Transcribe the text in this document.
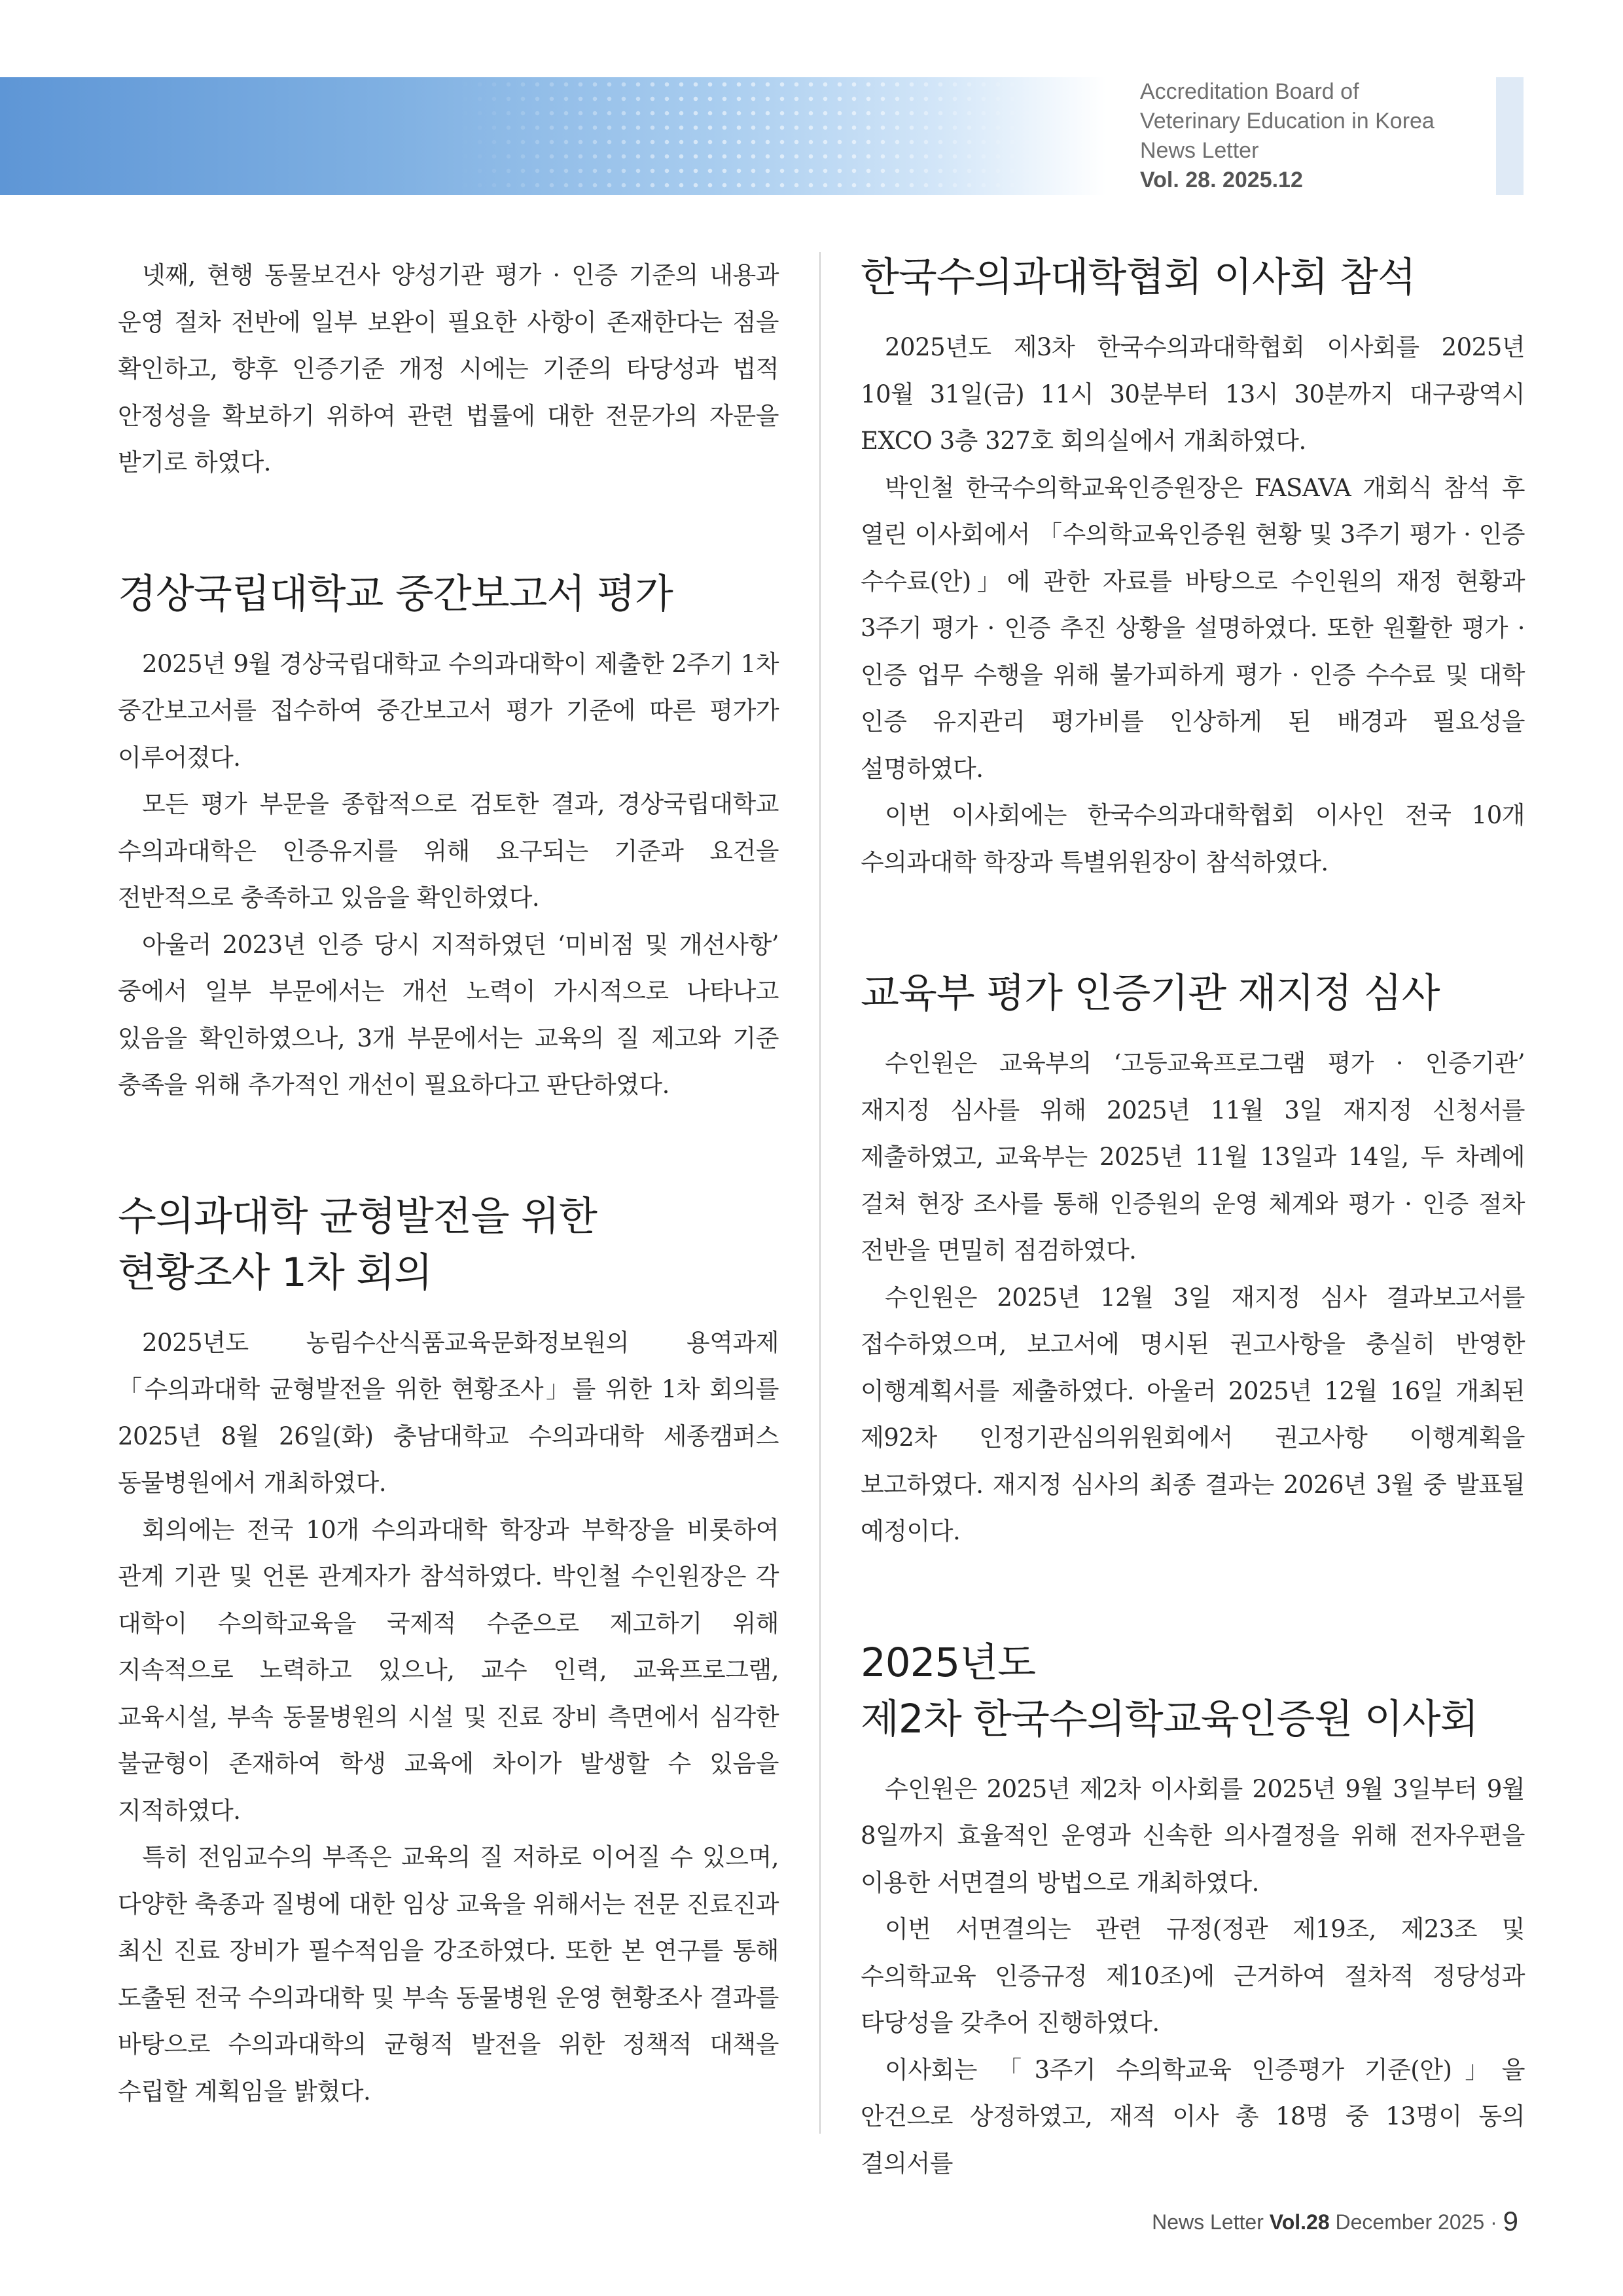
Accreditation Board of
Veterinary Education in Korea
News Letter
Vol. 28. 2025.12

넷째, 현행 동물보건사 양성기관 평가 · 인증 기준의 내용과 운영 절차 전반에 일부 보완이 필요한 사항이 존재한다는 점을 확인하고, 향후 인증기준 개정 시에는 기준의 타당성과 법적 안정성을 확보하기 위하여 관련 법률에 대한 전문가의 자문을 받기로 하였다.

경상국립대학교 중간보고서 평가

2025년 9월 경상국립대학교 수의과대학이 제출한 2주기 1차 중간보고서를 접수하여 중간보고서 평가 기준에 따른 평가가 이루어졌다.

모든 평가 부문을 종합적으로 검토한 결과, 경상국립대학교 수의과대학은 인증유지를 위해 요구되는 기준과 요건을 전반적으로 충족하고 있음을 확인하였다.

아울러 2023년 인증 당시 지적하였던 ‘미비점 및 개선사항’ 중에서 일부 부문에서는 개선 노력이 가시적으로 나타나고 있음을 확인하였으나, 3개 부문에서는 교육의 질 제고와 기준 충족을 위해 추가적인 개선이 필요하다고 판단하였다.

수의과대학 균형발전을 위한
현황조사 1차 회의

2025년도 농림수산식품교육문화정보원의 용역과제 「수의과대학 균형발전을 위한 현황조사」를 위한 1차 회의를 2025년 8월 26일(화) 충남대학교 수의과대학 세종캠퍼스 동물병원에서 개최하였다.

회의에는 전국 10개 수의과대학 학장과 부학장을 비롯하여 관계 기관 및 언론 관계자가 참석하였다. 박인철 수인원장은 각 대학이 수의학교육을 국제적 수준으로 제고하기 위해 지속적으로 노력하고 있으나, 교수 인력, 교육프로그램, 교육시설, 부속 동물병원의 시설 및 진료 장비 측면에서 심각한 불균형이 존재하여 학생 교육에 차이가 발생할 수 있음을 지적하였다.

특히 전임교수의 부족은 교육의 질 저하로 이어질 수 있으며, 다양한 축종과 질병에 대한 임상 교육을 위해서는 전문 진료진과 최신 진료 장비가 필수적임을 강조하였다. 또한 본 연구를 통해 도출된 전국 수의과대학 및 부속 동물병원 운영 현황조사 결과를 바탕으로 수의과대학의 균형적 발전을 위한 정책적 대책을 수립할 계획임을 밝혔다.

한국수의과대학협회 이사회 참석

2025년도 제3차 한국수의과대학협회 이사회를 2025년 10월 31일(금) 11시 30분부터 13시 30분까지 대구광역시 EXCO 3층 327호 회의실에서 개최하였다.

박인철 한국수의학교육인증원장은 FASAVA 개회식 참석 후 열린 이사회에서 「수의학교육인증원 현황 및 3주기 평가 · 인증 수수료(안)」에 관한 자료를 바탕으로 수인원의 재정 현황과 3주기 평가 · 인증 추진 상황을 설명하였다. 또한 원활한 평가 · 인증 업무 수행을 위해 불가피하게 평가 · 인증 수수료 및 대학 인증 유지관리 평가비를 인상하게 된 배경과 필요성을 설명하였다.

이번 이사회에는 한국수의과대학협회 이사인 전국 10개 수의과대학 학장과 특별위원장이 참석하였다.

교육부 평가 인증기관 재지정 심사

수인원은 교육부의 ‘고등교육프로그램 평가 · 인증기관’ 재지정 심사를 위해 2025년 11월 3일 재지정 신청서를 제출하였고, 교육부는 2025년 11월 13일과 14일, 두 차례에 걸쳐 현장 조사를 통해 인증원의 운영 체계와 평가 · 인증 절차 전반을 면밀히 점검하였다.

수인원은 2025년 12월 3일 재지정 심사 결과보고서를 접수하였으며, 보고서에 명시된 권고사항을 충실히 반영한 이행계획서를 제출하였다. 아울러 2025년 12월 16일 개최된 제92차 인정기관심의위원회에서 권고사항 이행계획을 보고하였다. 재지정 심사의 최종 결과는 2026년 3월 중 발표될 예정이다.

2025년도
제2차 한국수의학교육인증원 이사회

수인원은 2025년 제2차 이사회를 2025년 9월 3일부터 9월 8일까지 효율적인 운영과 신속한 의사결정을 위해 전자우편을 이용한 서면결의 방법으로 개최하였다.

이번 서면결의는 관련 규정(정관 제19조, 제23조 및 수의학교육 인증규정 제10조)에 근거하여 절차적 정당성과 타당성을 갖추어 진행하였다.

이사회는 「3주기 수의학교육 인증평가 기준(안)」을 안건으로 상정하였고, 재적 이사 총 18명 중 13명이 동의 결의서를

News Letter Vol.28 December 2025 · 9
